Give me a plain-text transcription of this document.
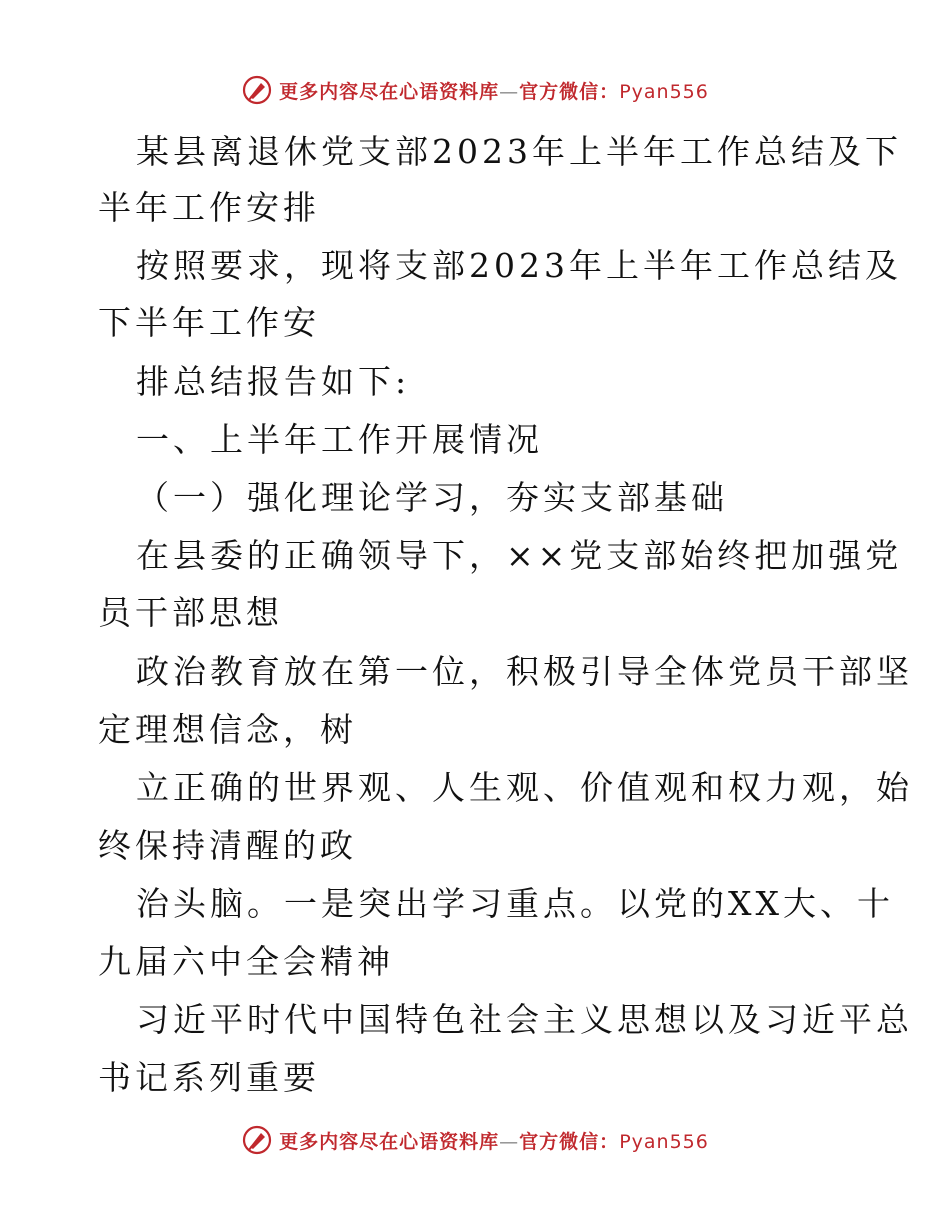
更多内容尽在心语资料库—官方微信：Pyan556
某县离退休党支部2023年上半年工作总结及下
半年工作安排
按照要求，现将支部2023年上半年工作总结及
下半年工作安
排总结报告如下:
一、上半年工作开展情况
（一）强化理论学习，夯实支部基础
在县委的正确领导下，××党支部始终把加强党
员干部思想
政治教育放在第一位，积极引导全体党员干部坚
定理想信念，树
立正确的世界观、人生观、价值观和权力观，始
终保持清醒的政
治头脑。一是突出学习重点。以党的XX大、十
九届六中全会精神
习近平时代中国特色社会主义思想以及习近平总
书记系列重要
更多内容尽在心语资料库—官方微信：Pyan556
